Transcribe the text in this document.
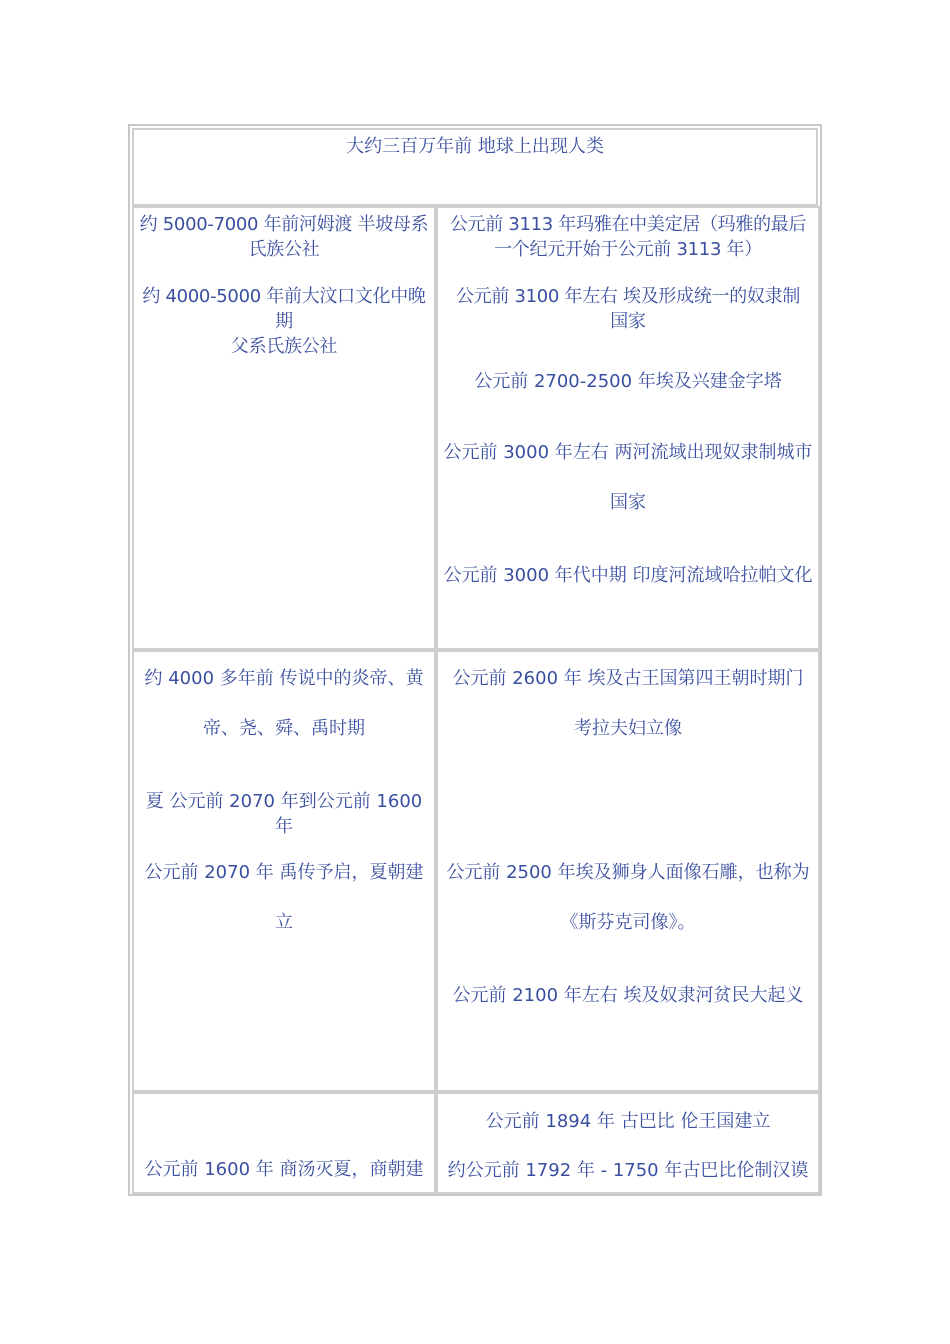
大约三百万年前 地球上出现人类

约 5000-7000 年前河姆渡 半坡母系
氏族公社
约 4000-5000 年前大汶口文化中晚期
父系氏族公社
公元前 3113 年玛雅在中美定居（玛雅的最后
一个纪元开始于公元前 3113 年）
公元前 3100 年左右 埃及形成统一的奴隶制
国家
公元前 2700-2500 年埃及兴建金字塔
公元前 3000 年左右 两河流域出现奴隶制城市
国家
公元前 3000 年代中期 印度河流域哈拉帕文化
约 4000 多年前 传说中的炎帝、黄
帝、尧、舜、禹时期
夏 公元前 2070 年到公元前 1600 年
公元前 2070 年 禹传予启，夏朝建
立
公元前 2600 年 埃及古王国第四王朝时期门
考拉夫妇立像
公元前 2500 年埃及狮身人面像石雕，也称为
《斯芬克司像》。
公元前 2100 年左右 埃及奴隶河贫民大起义
公元前 1600 年 商汤灭夏，商朝建
公元前 1894 年 古巴比 伦王国建立
约公元前 1792 年 - 1750 年古巴比伦制汉谟
